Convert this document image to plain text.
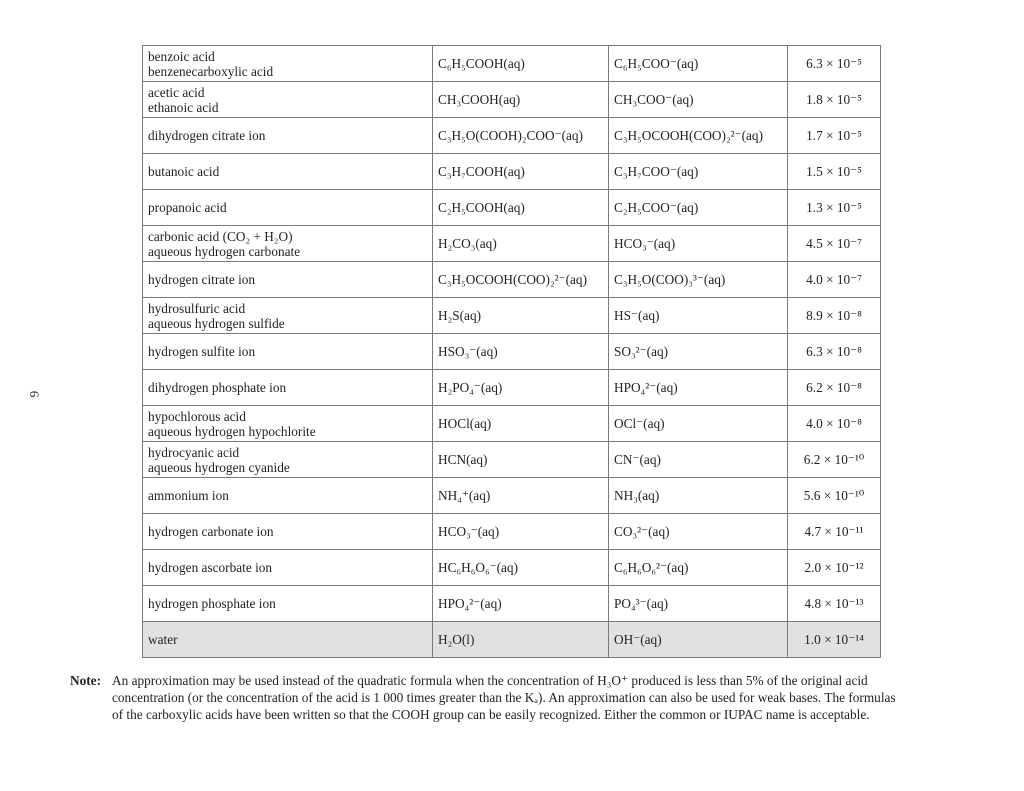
6
benzoic acid
benzenecarboxylic acid	C₆H₅COOH(aq)	C₆H₅COO⁻(aq)	6.3 × 10⁻⁵

acetic acid
ethanoic acid	CH₃COOH(aq)	CH₃COO⁻(aq)	1.8 × 10⁻⁵

dihydrogen citrate ion	C₃H₅O(COOH)₂COO⁻(aq)	C₃H₅OCOOH(COO)₂²⁻(aq)	1.7 × 10⁻⁵

butanoic acid	C₃H₇COOH(aq)	C₃H₇COO⁻(aq)	1.5 × 10⁻⁵

propanoic acid	C₂H₅COOH(aq)	C₂H₅COO⁻(aq)	1.3 × 10⁻⁵

carbonic acid (CO₂ + H₂O)
aqueous hydrogen carbonate	H₂CO₃(aq)	HCO₃⁻(aq)	4.5 × 10⁻⁷

hydrogen citrate ion	C₃H₅OCOOH(COO)₂²⁻(aq)	C₃H₅O(COO)₃³⁻(aq)	4.0 × 10⁻⁷

hydrosulfuric acid
aqueous hydrogen sulfide	H₂S(aq)	HS⁻(aq)	8.9 × 10⁻⁸

hydrogen sulfite ion	HSO₃⁻(aq)	SO₃²⁻(aq)	6.3 × 10⁻⁸

dihydrogen phosphate ion	H₂PO₄⁻(aq)	HPO₄²⁻(aq)	6.2 × 10⁻⁸

hypochlorous acid
aqueous hydrogen hypochlorite	HOCl(aq)	OCl⁻(aq)	4.0 × 10⁻⁸

hydrocyanic acid
aqueous hydrogen cyanide	HCN(aq)	CN⁻(aq)	6.2 × 10⁻¹⁰

ammonium ion	NH₄⁺(aq)	NH₃(aq)	5.6 × 10⁻¹⁰

hydrogen carbonate ion	HCO₃⁻(aq)	CO₃²⁻(aq)	4.7 × 10⁻¹¹

hydrogen ascorbate ion	HC₆H₆O₆⁻(aq)	C₆H₆O₆²⁻(aq)	2.0 × 10⁻¹²

hydrogen phosphate ion	HPO₄²⁻(aq)	PO₄³⁻(aq)	4.8 × 10⁻¹³

water	H₂O(l)	OH⁻(aq)	1.0 × 10⁻¹⁴
Note: An approximation may be used instead of the quadratic formula when the concentration of H₃O⁺ produced is less than 5% of the original acid

concentration (or the concentration of the acid is 1 000 times greater than the Kₐ). An approximation can also be used for weak bases. The formulas

of the carboxylic acids have been written so that the COOH group can be easily recognized. Either the common or IUPAC name is acceptable.
